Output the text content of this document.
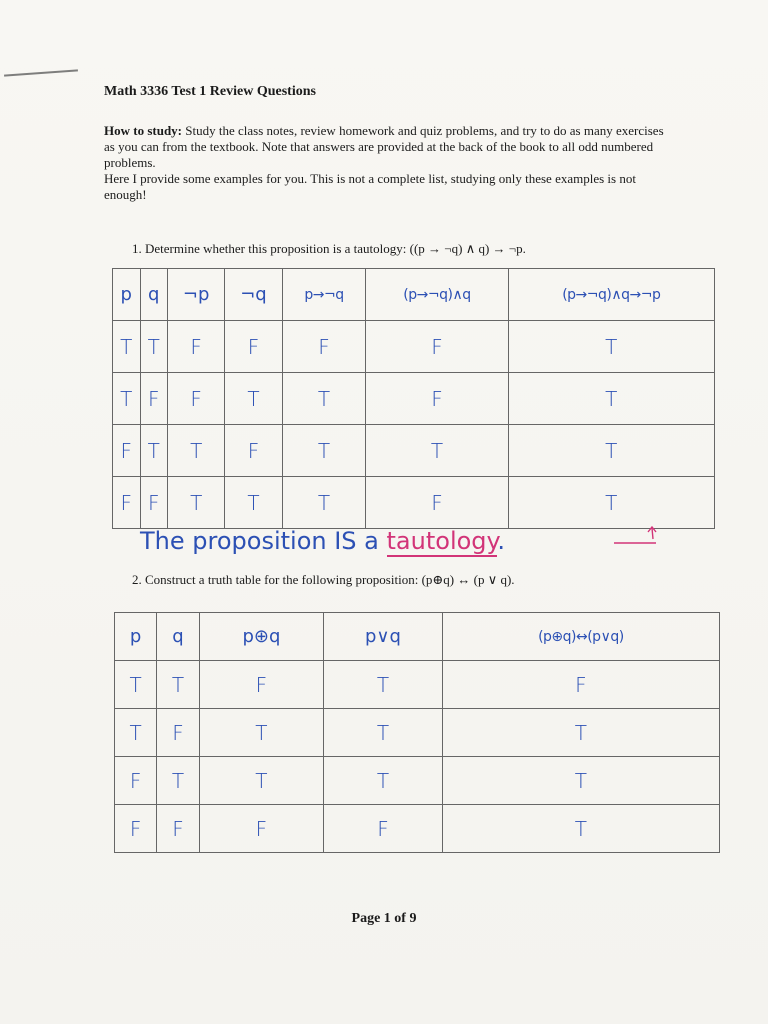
Math 3336 Test 1 Review Questions
How to study: Study the class notes, review homework and quiz problems, and try to do as many exercises as you can from the textbook. Note that answers are provided at the back of the book to all odd numbered problems.
Here I provide some examples for you. This is not a complete list, studying only these examples is not enough!
1. Determine whether this proposition is a tautology: ((p → ¬q) ∧ q) → ¬p.
p	q	¬p	¬q	p→¬q	(p→¬q)∧q	(p→¬q)∧q→¬p
T	T	F	F	F	F	T
T	F	F	T	T	F	T
F	T	T	F	T	T	T
F	F	T	T	T	F	T
The proposition IS a tautology.
2. Construct a truth table for the following proposition: (p⊕q) ↔ (p ∨ q).
p	q	p⊕q	p∨q	(p⊕q)↔(p∨q)
T	T	F	T	F
T	F	T	T	T
F	T	T	T	T
F	F	F	F	T
Page 1 of 9
